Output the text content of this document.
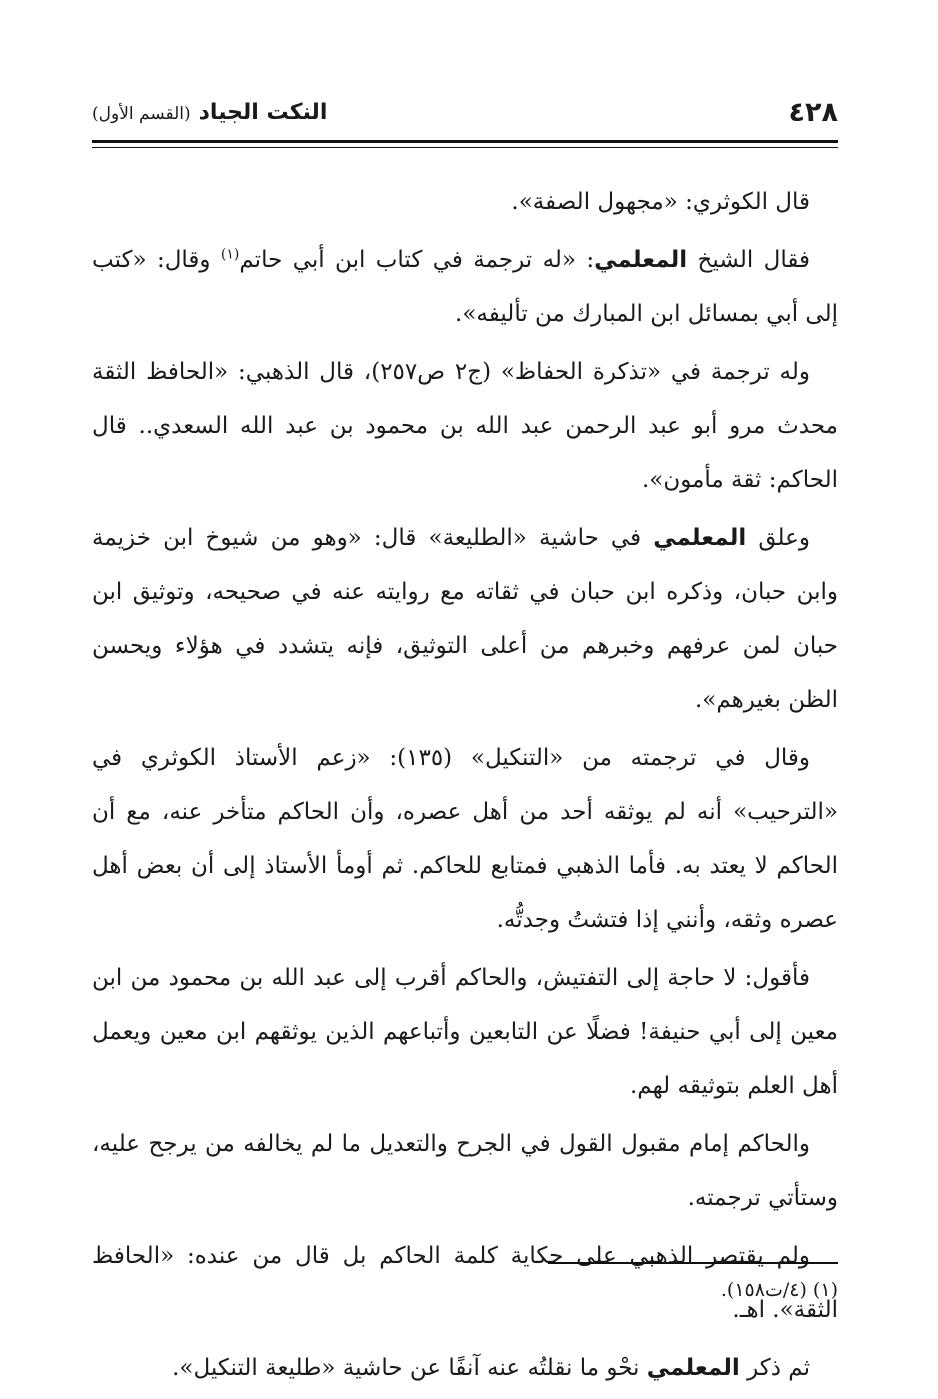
٤٢٨
النكت الجياد
(القسم الأول)

قال الكوثري: «مجهول الصفة».

فقال الشيخ المعلمي: «له ترجمة في كتاب ابن أبي حاتم$^{(١)}$ وقال: «كتب إلى أبي بمسائل ابن المبارك من تأليفه».

وله ترجمة في «تذكرة الحفاظ» (ج٢ ص٢٥٧)، قال الذهبي: «الحافظ الثقة محدث مرو أبو عبد الرحمن عبد الله بن محمود بن عبد الله السعدي.. قال الحاكم: ثقة مأمون».

وعلق المعلمي في حاشية «الطليعة» قال: «وهو من شيوخ ابن خزيمة وابن حبان، وذكره ابن حبان في ثقاته مع روايته عنه في صحيحه، وتوثيق ابن حبان لمن عرفهم وخبرهم من أعلى التوثيق، فإنه يتشدد في هؤلاء ويحسن الظن بغيرهم».

وقال في ترجمته من «التنكيل» (١٣٥): «زعم الأستاذ الكوثري في «الترحيب» أنه لم يوثقه أحد من أهل عصره، وأن الحاكم متأخر عنه، مع أن الحاكم لا يعتد به. فأما الذهبي فمتابع للحاكم. ثم أومأ الأستاذ إلى أن بعض أهل عصره وثقه، وأنني إذا فتشتُ وجدتُّه.

فأقول: لا حاجة إلى التفتيش، والحاكم أقرب إلى عبد الله بن محمود من ابن معين إلى أبي حنيفة! فضلًا عن التابعين وأتباعهم الذين يوثقهم ابن معين ويعمل أهل العلم بتوثيقه لهم.

والحاكم إمام مقبول القول في الجرح والتعديل ما لم يخالفه من يرجح عليه، وستأتي ترجمته.

ولم يقتصر الذهبي على حكاية كلمة الحاكم بل قال من عنده: «الحافظ الثقة». اهـ.

ثم ذكر المعلمي نحْو ما نقلتُه عنه آنفًا عن حاشية «طليعة التنكيل».

(١) (٤/ت١٥٨).
